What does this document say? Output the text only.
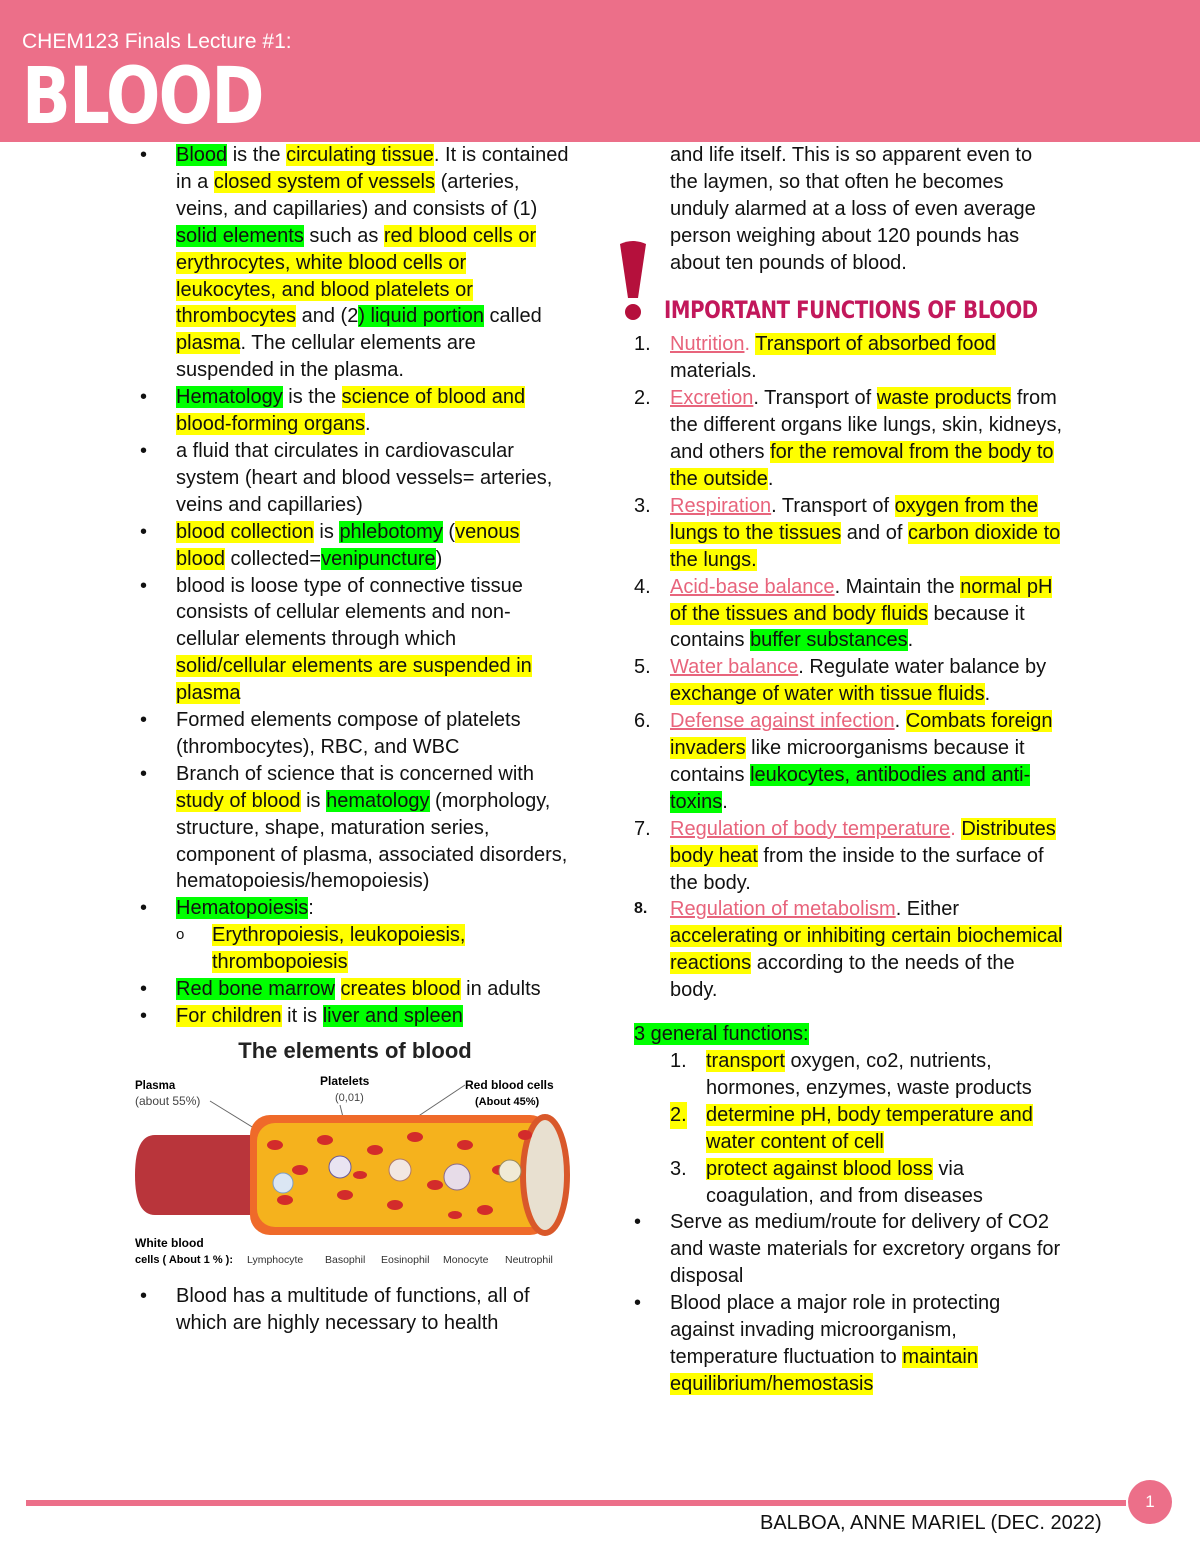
CHEM123 Finals Lecture #1:
BLOOD
• Blood is the circulating tissue. It is contained in a closed system of vessels (arteries, veins, and capillaries) and consists of (1) solid elements such as red blood cells or erythrocytes, white blood cells or leukocytes, and blood platelets or thrombocytes and (2) liquid portion called plasma. The cellular elements are suspended in the plasma.
• Hematology is the science of blood and blood-forming organs.
• a fluid that circulates in cardiovascular system (heart and blood vessels= arteries, veins and capillaries)
• blood collection is phlebotomy (venous blood collected=venipuncture)
• blood is loose type of connective tissue consists of cellular elements and non-cellular elements through which solid/cellular elements are suspended in plasma
• Formed elements compose of platelets (thrombocytes), RBC, and WBC
• Branch of science that is concerned with study of blood is hematology (morphology, structure, shape, maturation series, component of plasma, associated disorders, hematopoiesis/hemopoiesis)
• Hematopoiesis:
o Erythropoiesis, leukopoiesis, thrombopoiesis
• Red bone marrow creates blood in adults
• For children it is liver and spleen
The elements of blood
Plasma
(about 55%)
Platelets
(0,01)
Red blood cells
(About 45%)
White blood
cells ( About 1 % ): Lymphocyte Basophil Eosinophil Monocyte Neutrophil
• Blood has a multitude of functions, all of which are highly necessary to health
and life itself. This is so apparent even to the laymen, so that often he becomes unduly alarmed at a loss of even average person weighing about 120 pounds has about ten pounds of blood.
IMPORTANT FUNCTIONS OF BLOOD
1. Nutrition. Transport of absorbed food materials.
2. Excretion. Transport of waste products from the different organs like lungs, skin, kidneys, and others for the removal from the body to the outside.
3. Respiration. Transport of oxygen from the lungs to the tissues and of carbon dioxide to the lungs.
4. Acid-base balance. Maintain the normal pH of the tissues and body fluids because it contains buffer substances.
5. Water balance. Regulate water balance by exchange of water with tissue fluids.
6. Defense against infection. Combats foreign invaders like microorganisms because it contains leukocytes, antibodies and anti-toxins.
7. Regulation of body temperature. Distributes body heat from the inside to the surface of the body.
8. Regulation of metabolism. Either accelerating or inhibiting certain biochemical reactions according to the needs of the body.
3 general functions:
1. transport oxygen, co2, nutrients, hormones, enzymes, waste products
2. determine pH, body temperature and water content of cell
3. protect against blood loss via coagulation, and from diseases
• Serve as medium/route for delivery of CO2 and waste materials for excretory organs for disposal
• Blood place a major role in protecting against invading microorganism, temperature fluctuation to maintain equilibrium/hemostasis
1
BALBOA, ANNE MARIEL (DEC. 2022)
